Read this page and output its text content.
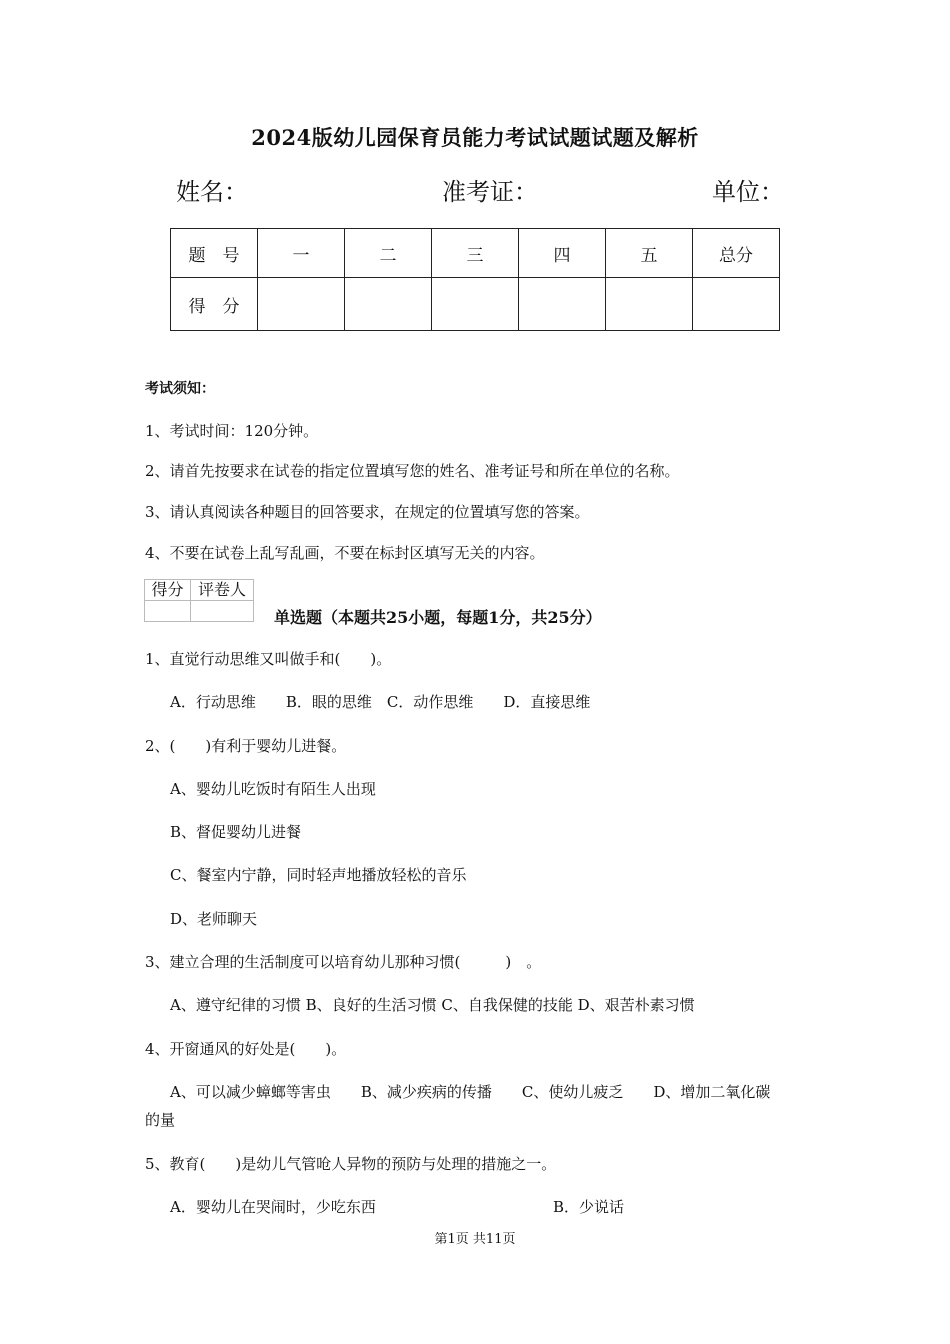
2024版幼儿园保育员能力考试试题试题及解析
姓名：	准考证：	单位：
题　号	一	二	三	四	五	总分
得　分						
考试须知：
1、考试时间：120分钟。
2、请首先按要求在试卷的指定位置填写您的姓名、准考证号和所在单位的名称。
3、请认真阅读各种题目的回答要求，在规定的位置填写您的答案。
4、不要在试卷上乱写乱画，不要在标封区填写无关的内容。
得分	评卷人

单选题（本题共25小题，每题1分，共25分）
1、直觉行动思维又叫做手和(　　)。
A．行动思维　　B．眼的思维　C．动作思维　　D．直接思维
2、(　　)有利于婴幼儿进餐。
A、婴幼儿吃饭时有陌生人出现
B、督促婴幼儿进餐
C、餐室内宁静，同时轻声地播放轻松的音乐
D、老师聊天
3、建立合理的生活制度可以培育幼儿那种习惯(　　　)　。
A、遵守纪律的习惯 B、良好的生活习惯 C、自我保健的技能 D、艰苦朴素习惯
4、开窗通风的好处是(　　)。
A、可以减少蟑螂等害虫　　B、减少疾病的传播　　C、使幼儿疲乏　　D、增加二氧化碳
的量
5、教育(　　)是幼儿气管呛人异物的预防与处理的措施之一。
A．婴幼儿在哭闹时，少吃东西	B．少说话
第1页 共11页
